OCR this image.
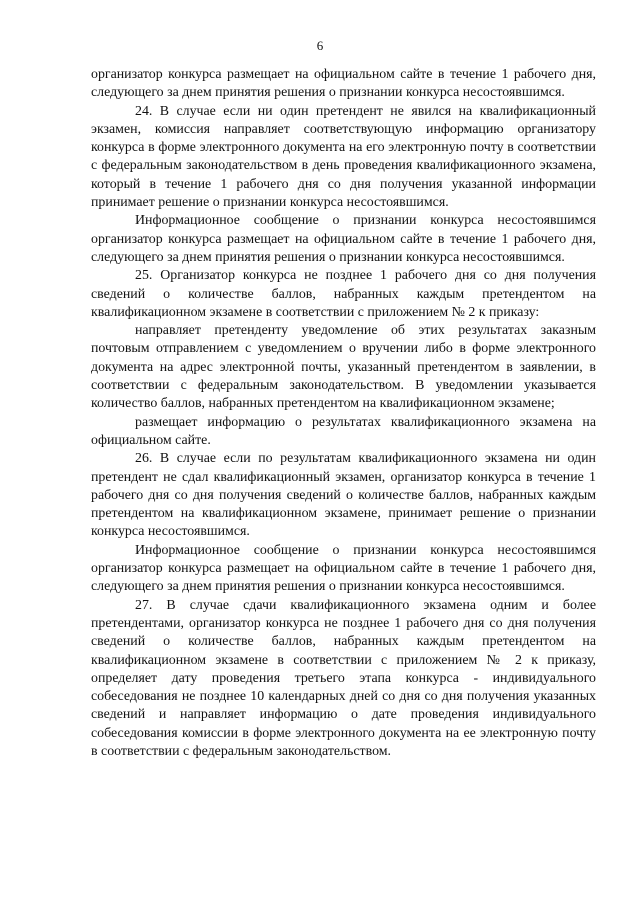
6

организатор конкурса размещает на официальном сайте в течение 1 рабочего дня, следующего за днем принятия решения о признании конкурса несостоявшимся.

24. В случае если ни один претендент не явился на квалификационный экзамен, комиссия направляет соответствующую информацию организатору конкурса в форме электронного документа на его электронную почту в соответствии с федеральным законодательством в день проведения квалификационного экзамена, который в течение 1 рабочего дня со дня получения указанной информации принимает решение о признании конкурса несостоявшимся.

Информационное сообщение о признании конкурса несостоявшимся организатор конкурса размещает на официальном сайте в течение 1 рабочего дня, следующего за днем принятия решения о признании конкурса несостоявшимся.

25. Организатор конкурса не позднее 1 рабочего дня со дня получения сведений о количестве баллов, набранных каждым претендентом на квалификационном экзамене в соответствии с приложением № 2 к приказу:

направляет претенденту уведомление об этих результатах заказным почтовым отправлением с уведомлением о вручении либо в форме электронного документа на адрес электронной почты, указанный претендентом в заявлении, в соответствии с федеральным законодательством. В уведомлении указывается количество баллов, набранных претендентом на квалификационном экзамене;

размещает информацию о результатах квалификационного экзамена на официальном сайте.

26. В случае если по результатам квалификационного экзамена ни один претендент не сдал квалификационный экзамен, организатор конкурса в течение 1 рабочего дня со дня получения сведений о количестве баллов, набранных каждым претендентом на квалификационном экзамене, принимает решение о признании конкурса несостоявшимся.

Информационное сообщение о признании конкурса несостоявшимся организатор конкурса размещает на официальном сайте в течение 1 рабочего дня, следующего за днем принятия решения о признании конкурса несостоявшимся.

27. В случае сдачи квалификационного экзамена одним и более претендентами, организатор конкурса не позднее 1 рабочего дня со дня получения сведений о количестве баллов, набранных каждым претендентом на квалификационном экзамене в соответствии с приложением № 2 к приказу, определяет дату проведения третьего этапа конкурса - индивидуального собеседования не позднее 10 календарных дней со дня со дня получения указанных сведений и направляет информацию о дате проведения индивидуального собеседования комиссии в форме электронного документа на ее электронную почту в соответствии с федеральным законодательством.
